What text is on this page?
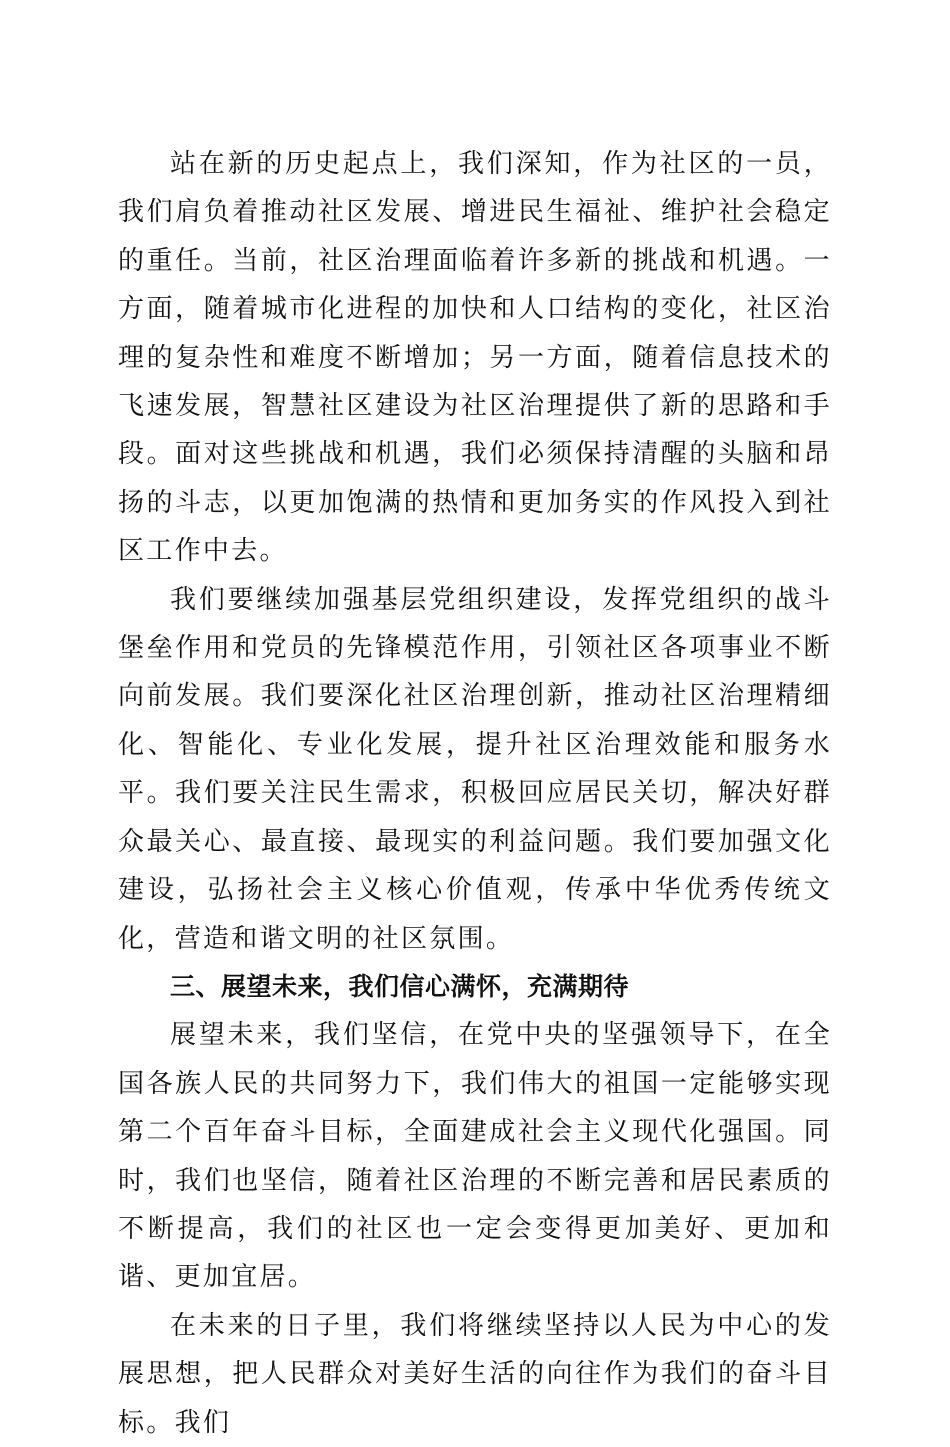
站在新的历史起点上，我们深知，作为社区的一员，我们肩负着推动社区发展、增进民生福祉、维护社会稳定的重任。当前，社区治理面临着许多新的挑战和机遇。一方面，随着城市化进程的加快和人口结构的变化，社区治理的复杂性和难度不断增加；另一方面，随着信息技术的飞速发展，智慧社区建设为社区治理提供了新的思路和手段。面对这些挑战和机遇，我们必须保持清醒的头脑和昂扬的斗志，以更加饱满的热情和更加务实的作风投入到社区工作中去。

我们要继续加强基层党组织建设，发挥党组织的战斗堡垒作用和党员的先锋模范作用，引领社区各项事业不断向前发展。我们要深化社区治理创新，推动社区治理精细化、智能化、专业化发展，提升社区治理效能和服务水平。我们要关注民生需求，积极回应居民关切，解决好群众最关心、最直接、最现实的利益问题。我们要加强文化建设，弘扬社会主义核心价值观，传承中华优秀传统文化，营造和谐文明的社区氛围。

三、展望未来，我们信心满怀，充满期待

展望未来，我们坚信，在党中央的坚强领导下，在全国各族人民的共同努力下，我们伟大的祖国一定能够实现第二个百年奋斗目标，全面建成社会主义现代化强国。同时，我们也坚信，随着社区治理的不断完善和居民素质的不断提高，我们的社区也一定会变得更加美好、更加和谐、更加宜居。

在未来的日子里，我们将继续坚持以人民为中心的发展思想，把人民群众对美好生活的向往作为我们的奋斗目标。我们
